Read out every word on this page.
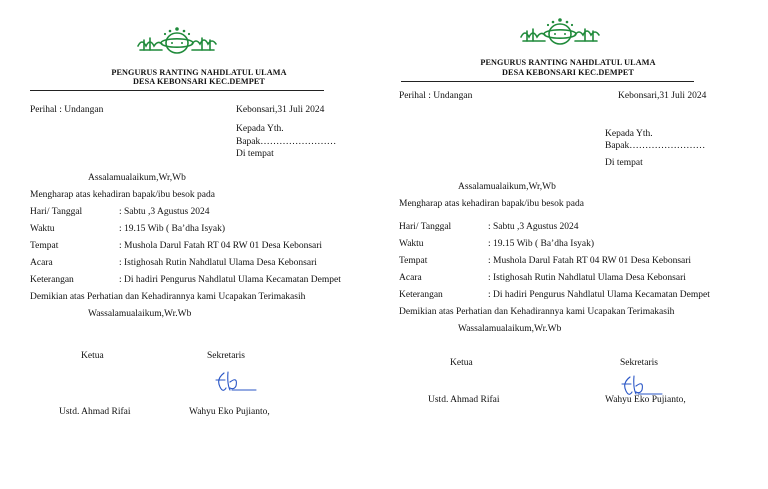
PENGURUS RANTING NAHDLATUL ULAMA
DESA KEBONSARI KEC.DEMPET
Perihal : Undangan	Kebonsari,31 Juli 2024
Kepada Yth.
Bapak……………………
Di tempat
Assalamualaikum,Wr,Wb
Mengharap atas kehadiran bapak/ibu besok pada
Hari/ Tanggal	: Sabtu ,3 Agustus 2024
Waktu	: 19.15 Wib ( Ba’dha Isyak)
Tempat	: Mushola Darul Fatah RT 04 RW 01 Desa Kebonsari
Acara	: Istighosah Rutin Nahdlatul Ulama Desa Kebonsari
Keterangan	: Di hadiri Pengurus Nahdlatul Ulama Kecamatan Dempet
Demikian atas Perhatian dan Kehadirannya kami Ucapakan Terimakasih
Wassalamualaikum,Wr.Wb
Ketua	Sekretaris
Ustd. Ahmad Rifai	Wahyu Eko Pujianto,
PENGURUS RANTING NAHDLATUL ULAMA
DESA KEBONSARI KEC.DEMPET
Perihal : Undangan	Kebonsari,31 Juli 2024
Kepada Yth.
Bapak……………………
Di tempat
Assalamualaikum,Wr,Wb
Mengharap atas kehadiran bapak/ibu besok pada
Hari/ Tanggal	: Sabtu ,3 Agustus 2024
Waktu	: 19.15 Wib ( Ba’dha Isyak)
Tempat	: Mushola Darul Fatah RT 04 RW 01 Desa Kebonsari
Acara	: Istighosah Rutin Nahdlatul Ulama Desa Kebonsari
Keterangan	: Di hadiri Pengurus Nahdlatul Ulama Kecamatan Dempet
Demikian atas Perhatian dan Kehadirannya kami Ucapakan Terimakasih
Wassalamualaikum,Wr.Wb
Ketua	Sekretaris
Ustd. Ahmad Rifai	Wahyu Eko Pujianto,
